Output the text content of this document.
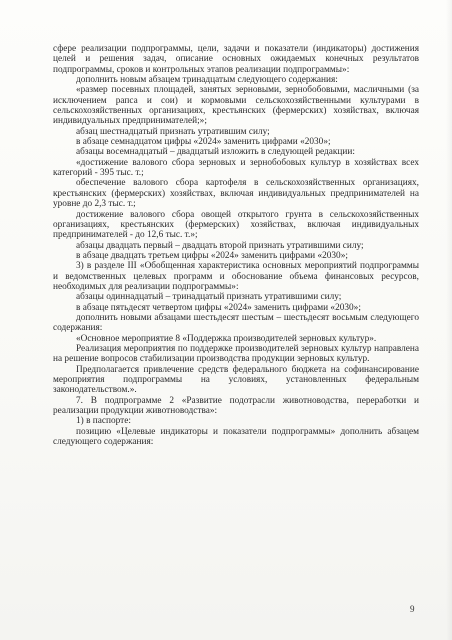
сфере реализации подпрограммы, цели, задачи и показатели (индикаторы) достижения целей и решения задач, описание основных ожидаемых конечных результатов подпрограммы, сроков и контрольных этапов реализации подпрограммы»:

дополнить новым абзацем тринадцатым следующего содержания:

«размер посевных площадей, занятых зерновыми, зернобобовыми, масличными (за исключением рапса и сои) и кормовыми сельскохозяйственными культурами в сельскохозяйственных организациях, крестьянских (фермерских) хозяйствах, включая индивидуальных предпринимателей;»;

абзац шестнадцатый признать утратившим силу;

в абзаце семнадцатом цифры «2024» заменить цифрами «2030»;

абзацы восемнадцатый – двадцатый изложить в следующей редакции:

«достижение валового сбора зерновых и зернобобовых культур в хозяйствах всех категорий - 395 тыс. т.;

обеспечение валового сбора картофеля в сельскохозяйственных организациях, крестьянских (фермерских) хозяйствах, включая индивидуальных предпринимателей на уровне до 2,3 тыс. т.;

достижение валового сбора овощей открытого грунта в сельскохозяйственных организациях, крестьянских (фермерских) хозяйствах, включая индивидуальных предпринимателей - до 12,6 тыс. т.»;

абзацы двадцать первый – двадцать второй признать утратившими силу;

в абзаце двадцать третьем цифры «2024» заменить цифрами «2030»;

3) в разделе III «Обобщенная характеристика основных мероприятий подпрограммы и ведомственных целевых программ и обоснование объема финансовых ресурсов, необходимых для реализации подпрограммы»:

абзацы одиннадцатый – тринадцатый признать утратившими силу;

в абзаце пятьдесят четвертом цифры «2024» заменить цифрами «2030»;

дополнить новыми абзацами шестьдесят шестым – шестьдесят восьмым следующего содержания:

«Основное мероприятие 8 «Поддержка производителей зерновых культур».

Реализация мероприятия по поддержке производителей зерновых культур направлена на решение вопросов стабилизации производства продукции зерновых культур.

Предполагается привлечение средств федерального бюджета на софинансирование мероприятия подпрограммы на условиях, установленных федеральным законодательством.».

7. В подпрограмме 2 «Развитие подотрасли животноводства, переработки и реализации продукции животноводства»:

1) в паспорте:

позицию «Целевые индикаторы и показатели подпрограммы» дополнить абзацем следующего содержания:

9
